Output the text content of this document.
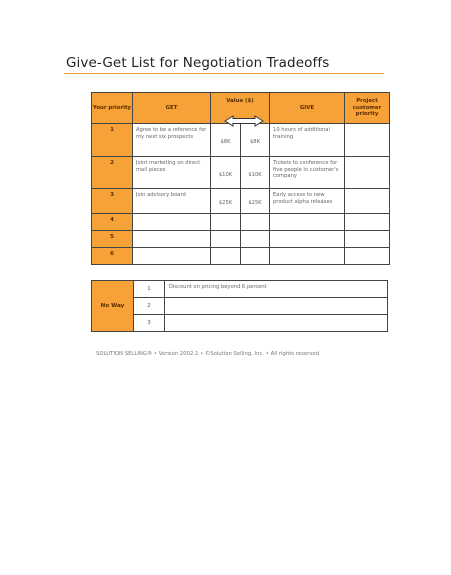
Give-Get List for Negotiation Tradeoffs
Your priority	GET	Value ($)		GIVE	Project customer priority
1	Agree to be a reference for my next six prospects	$8K	$8K	10 hours of additional training	
2	Joint marketing on direct mail pieces	$10K	$10K	Tickets to conference for five people in customer's company	
3	Join advisory board	$25K	$25K	Early access to new product alpha releases	
4					
5					
6					
No Way	1	Discount on pricing beyond 6 percent
	2	
	3	
SOLUTION SELLING® • Version 2002.1 • ©Solution Selling, Inc. • All rights reserved
